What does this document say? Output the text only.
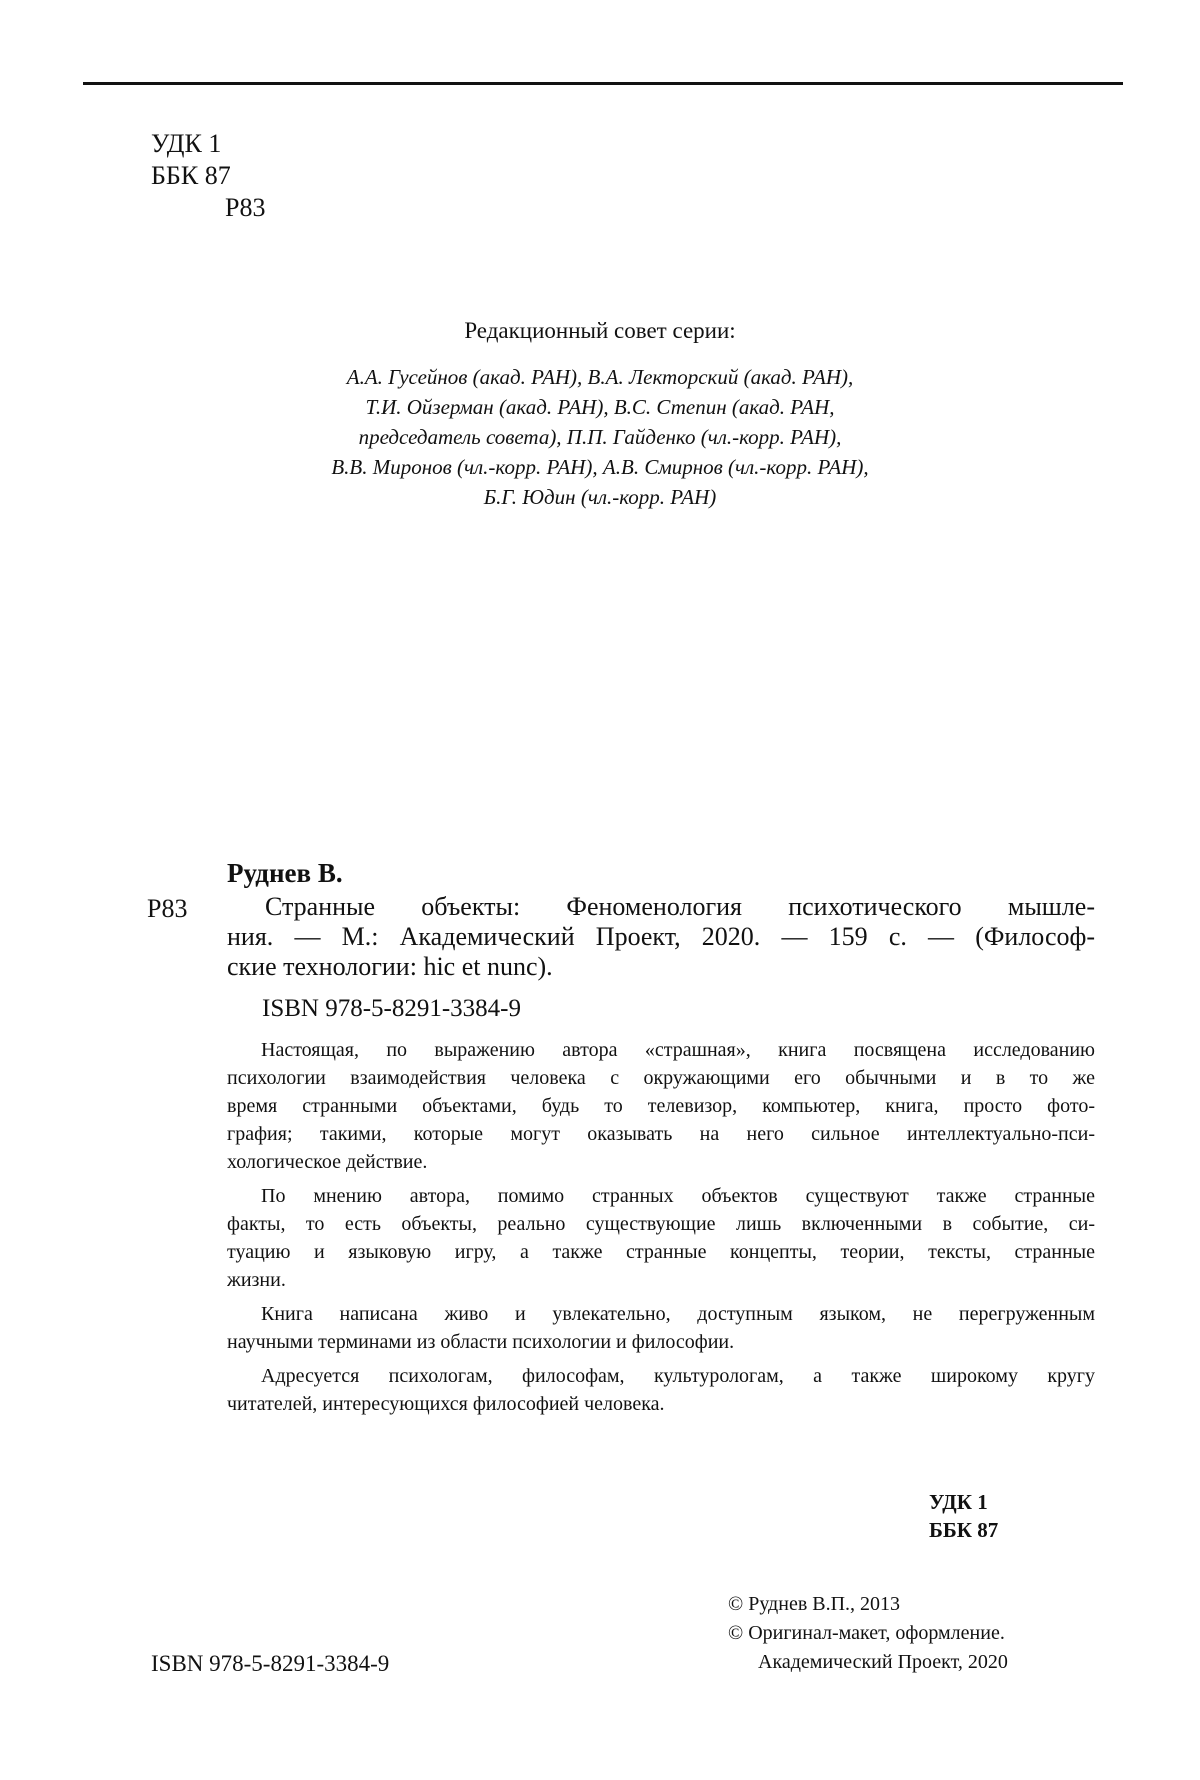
УДК 1
ББК 87
Р83
Редакционный совет серии:
А.А. Гусейнов (акад. РАН), В.А. Лекторский (акад. РАН),
Т.И. Ойзерман (акад. РАН), В.С. Степин (акад. РАН,
председатель совета), П.П. Гайденко (чл.-корр. РАН),
В.В. Миронов (чл.-корр. РАН), А.В. Смирнов (чл.-корр. РАН),
Б.Г. Юдин (чл.-корр. РАН)
Руднев В.
Р83	Странные объекты: Феноменология психотического мышле-
ния. — М.: Академический Проект, 2020. — 159 с. — (Философ-
ские технологии: hic et nunc).
ISBN 978-5-8291-3384-9

Настоящая, по выражению автора «страшная», книга посвящена исследованию
психологии взаимодействия человека с окружающими его обычными и в то же
время странными объектами, будь то телевизор, компьютер, книга, просто фото-
графия; такими, которые могут оказывать на него сильное интеллектуально-пси-
хологическое действие.

По мнению автора, помимо странных объектов существуют также странные
факты, то есть объекты, реально существующие лишь включенными в событие, си-
туацию и языковую игру, а также странные концепты, теории, тексты, странные
жизни.

Книга написана живо и увлекательно, доступным языком, не перегруженным
научными терминами из области психологии и философии.

Адресуется психологам, философам, культурологам, а также широкому кругу
читателей, интересующихся философией человека.

УДК 1
ББК 87
© Руднев В.П., 2013
© Оригинал-макет, оформление.
Академический Проект, 2020
ISBN 978-5-8291-3384-9
